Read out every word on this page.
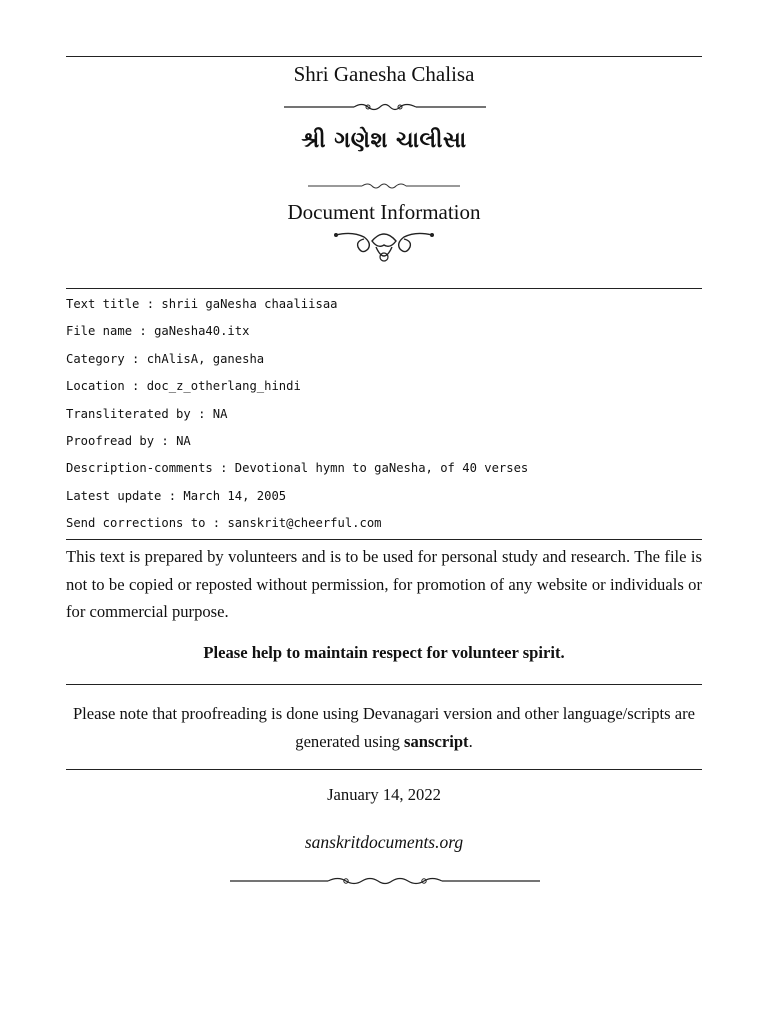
Shri Ganesha Chalisa
શ્રી ગણેશ ચાલીસા
Document Information
Text title : shrii gaNesha chaaliisaa
File name : gaNesha40.itx
Category : chAlisA, ganesha
Location : doc_z_otherlang_hindi
Transliterated by : NA
Proofread by : NA
Description-comments : Devotional hymn to gaNesha, of 40 verses
Latest update : March 14, 2005
Send corrections to : sanskrit@cheerful.com
This text is prepared by volunteers and is to be used for personal study and research. The file is not to be copied or reposted without permission, for promotion of any website or individuals or for commercial purpose.
Please help to maintain respect for volunteer spirit.
Please note that proofreading is done using Devanagari version and other language/scripts are generated using sanscript.
January 14, 2022
sanskritdocuments.org
